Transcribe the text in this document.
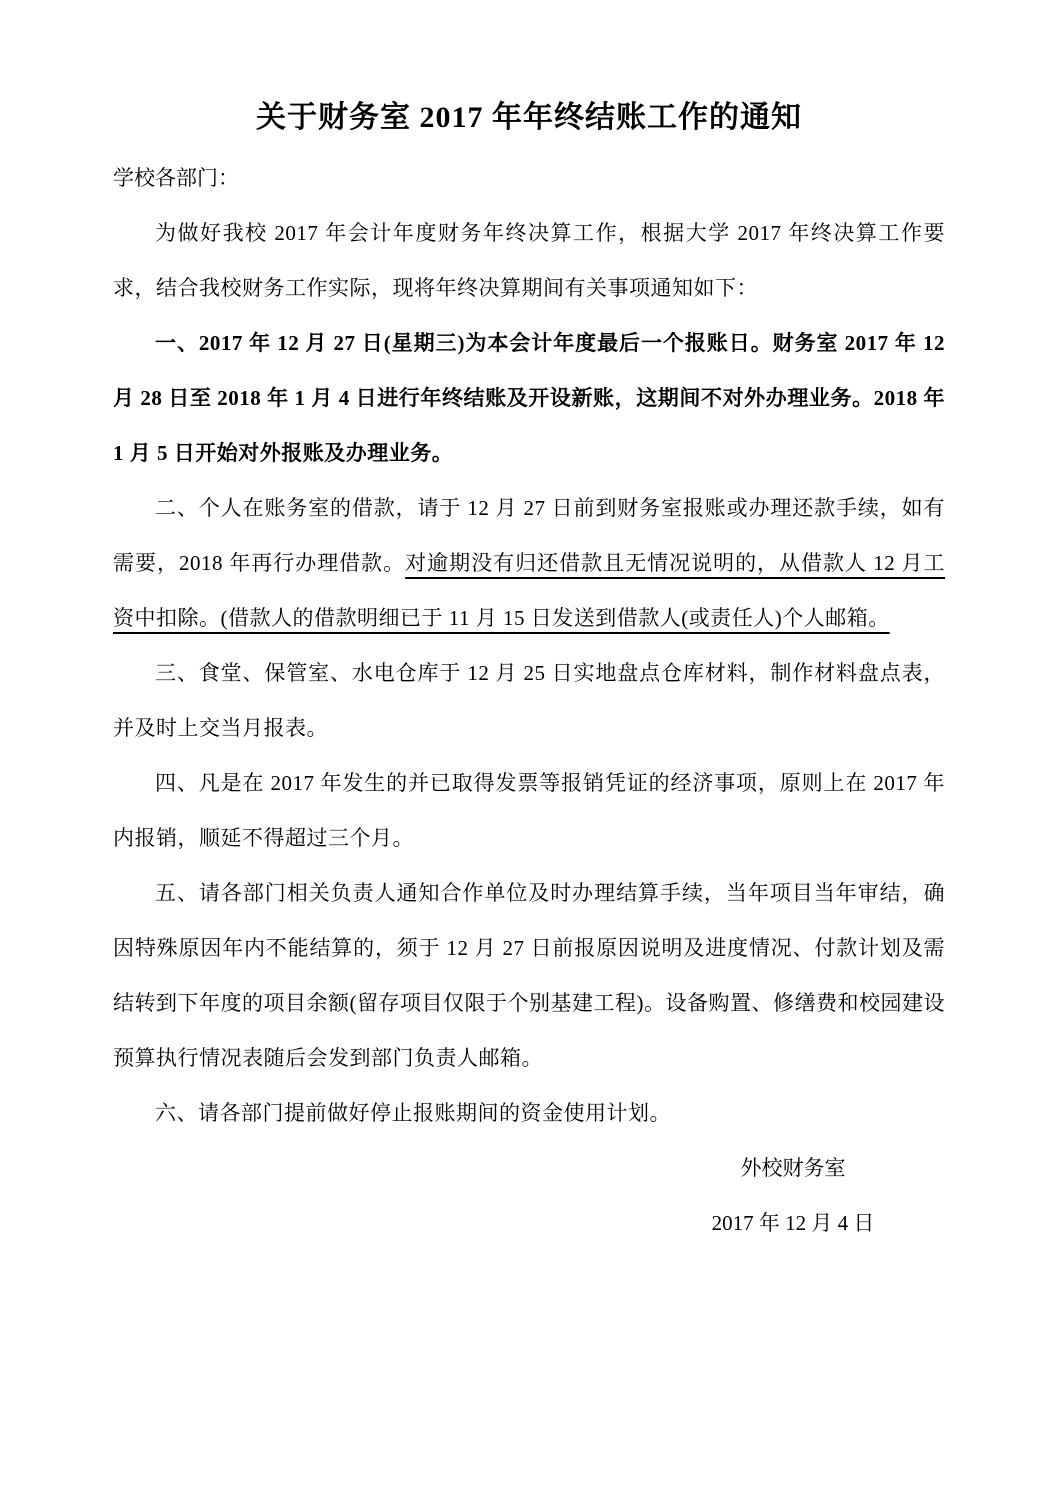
关于财务室 2017 年年终结账工作的通知

学校各部门：

为做好我校 2017 年会计年度财务年终决算工作，根据大学 2017 年终决算工作要求，结合我校财务工作实际，现将年终决算期间有关事项通知如下：

一、2017 年 12 月 27 日(星期三)为本会计年度最后一个报账日。财务室 2017 年 12 月 28 日至 2018 年 1 月 4 日进行年终结账及开设新账，这期间不对外办理业务。2018 年 1 月 5 日开始对外报账及办理业务。

二、个人在账务室的借款，请于 12 月 27 日前到财务室报账或办理还款手续，如有需要，2018 年再行办理借款。对逾期没有归还借款且无情况说明的，从借款人 12 月工资中扣除。(借款人的借款明细已于 11 月 15 日发送到借款人(或责任人)个人邮箱。

三、食堂、保管室、水电仓库于 12 月 25 日实地盘点仓库材料，制作材料盘点表，并及时上交当月报表。

四、凡是在 2017 年发生的并已取得发票等报销凭证的经济事项，原则上在 2017 年内报销，顺延不得超过三个月。

五、请各部门相关负责人通知合作单位及时办理结算手续，当年项目当年审结，确因特殊原因年内不能结算的，须于 12 月 27 日前报原因说明及进度情况、付款计划及需结转到下年度的项目余额(留存项目仅限于个别基建工程)。设备购置、修缮费和校园建设预算执行情况表随后会发到部门负责人邮箱。

六、请各部门提前做好停止报账期间的资金使用计划。

外校财务室

2017 年 12 月 4 日
